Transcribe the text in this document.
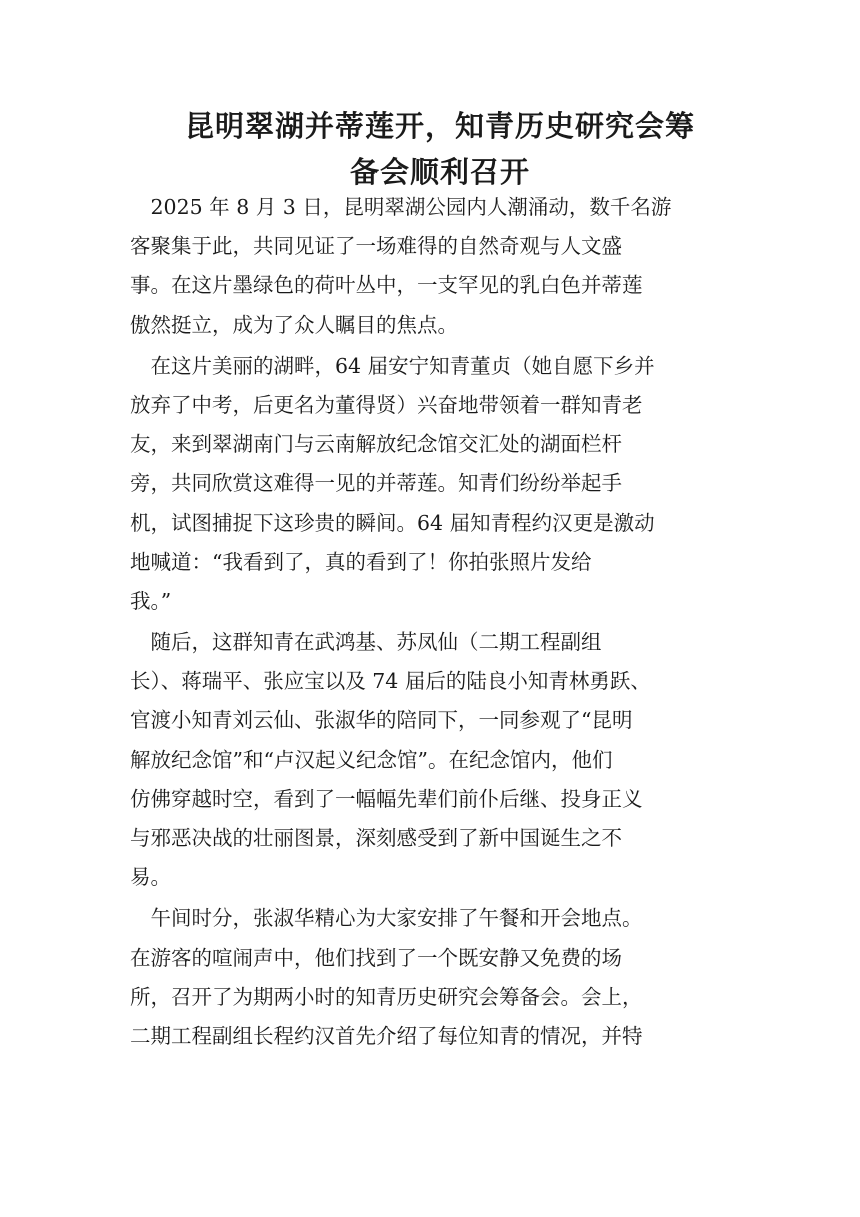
昆明翠湖并蒂莲开，知青历史研究会筹
备会顺利召开
　2025 年 8 月 3 日，昆明翠湖公园内人潮涌动，数千名游
客聚集于此，共同见证了一场难得的自然奇观与人文盛
事。在这片墨绿色的荷叶丛中，一支罕见的乳白色并蒂莲
傲然挺立，成为了众人瞩目的焦点。
　在这片美丽的湖畔，64 届安宁知青董贞（她自愿下乡并
放弃了中考，后更名为董得贤）兴奋地带领着一群知青老
友，来到翠湖南门与云南解放纪念馆交汇处的湖面栏杆
旁，共同欣赏这难得一见的并蒂莲。知青们纷纷举起手
机，试图捕捉下这珍贵的瞬间。64 届知青程约汉更是激动
地喊道：“我看到了，真的看到了！你拍张照片发给
我。”
　随后，这群知青在武鸿基、苏凤仙（二期工程副组
长）、蒋瑞平、张应宝以及 74 届后的陆良小知青林勇跃、
官渡小知青刘云仙、张淑华的陪同下，一同参观了“昆明
解放纪念馆”和“卢汉起义纪念馆”。在纪念馆内，他们
仿佛穿越时空，看到了一幅幅先辈们前仆后继、投身正义
与邪恶决战的壮丽图景，深刻感受到了新中国诞生之不
易。
　午间时分，张淑华精心为大家安排了午餐和开会地点。
在游客的喧闹声中，他们找到了一个既安静又免费的场
所，召开了为期两小时的知青历史研究会筹备会。会上，
二期工程副组长程约汉首先介绍了每位知青的情况，并特
